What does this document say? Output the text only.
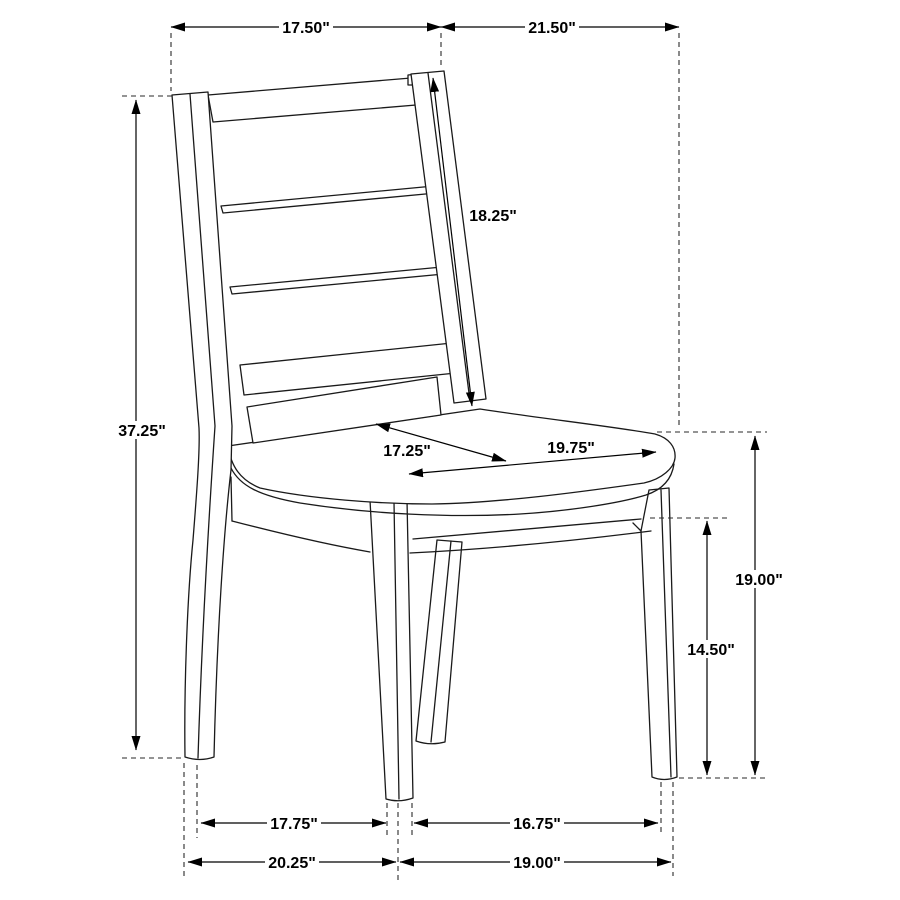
17.50"	21.50"
18.25"
37.25"
17.25"	19.75"
19.00"
14.50"
17.75"	16.75"
20.25"	19.00"
